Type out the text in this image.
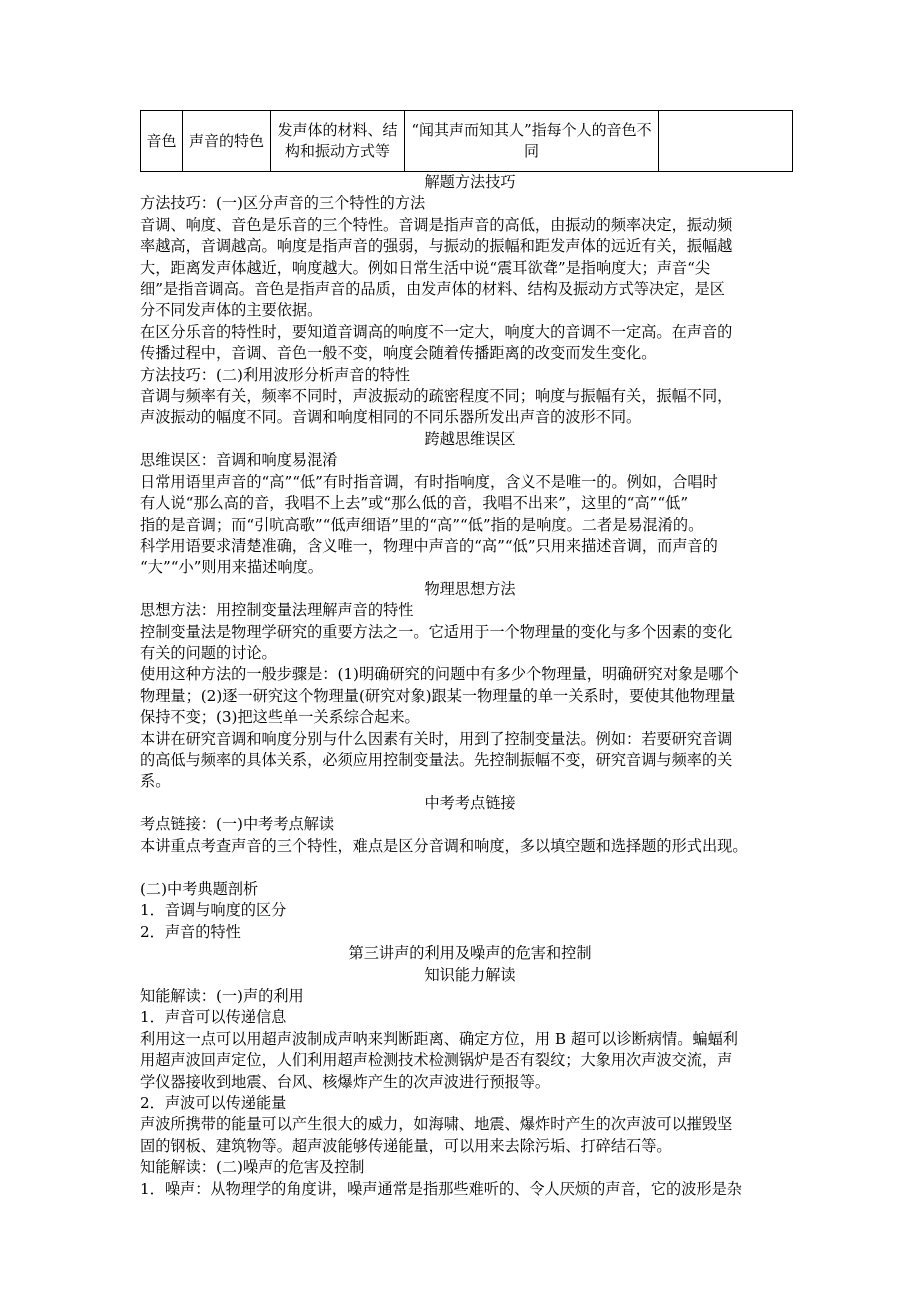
音色	声音的特色	发声体的材料、结构和振动方式等	“闻其声而知其人”指每个人的音色不同	

解题方法技巧

方法技巧：(一)区分声音的三个特性的方法

音调、响度、音色是乐音的三个特性。音调是指声音的高低，由振动的频率决定，振动频

率越高，音调越高。响度是指声音的强弱，与振动的振幅和距发声体的远近有关，振幅越

大，距离发声体越近，响度越大。例如日常生活中说“震耳欲聋”是指响度大；声音“尖

细”是指音调高。音色是指声音的品质，由发声体的材料、结构及振动方式等决定，是区

分不同发声体的主要依据。

在区分乐音的特性时，要知道音调高的响度不一定大，响度大的音调不一定高。在声音的

传播过程中，音调、音色一般不变，响度会随着传播距离的改变而发生变化。

方法技巧：(二)利用波形分析声音的特性

音调与频率有关，频率不同时，声波振动的疏密程度不同；响度与振幅有关，振幅不同，

声波振动的幅度不同。音调和响度相同的不同乐器所发出声音的波形不同。

跨越思维误区

思维误区：音调和响度易混淆

日常用语里声音的“高”“低”有时指音调，有时指响度，含义不是唯一的。例如，合唱时

有人说“那么高的音，我唱不上去”或“那么低的音，我唱不出来”，这里的“高”“低”

指的是音调；而“引吭高歌”“低声细语”里的“高”“低”指的是响度。二者是易混淆的。

科学用语要求清楚准确，含义唯一，物理中声音的“高”“低”只用来描述音调，而声音的

“大”“小”则用来描述响度。

物理思想方法

思想方法：用控制变量法理解声音的特性

控制变量法是物理学研究的重要方法之一。它适用于一个物理量的变化与多个因素的变化

有关的问题的讨论。

使用这种方法的一般步骤是：(1)明确研究的问题中有多少个物理量，明确研究对象是哪个

物理量；(2)逐一研究这个物理量(研究对象)跟某一物理量的单一关系时，要使其他物理量

保持不变；(3)把这些单一关系综合起来。

本讲在研究音调和响度分别与什么因素有关时，用到了控制变量法。例如：若要研究音调

的高低与频率的具体关系，必须应用控制变量法。先控制振幅不变，研究音调与频率的关

系。

中考考点链接

考点链接：(一)中考考点解读

本讲重点考查声音的三个特性，难点是区分音调和响度，多以填空题和选择题的形式出现。

(二)中考典题剖析

1．音调与响度的区分

2．声音的特性

第三讲声的利用及噪声的危害和控制

知识能力解读

知能解读：(一)声的利用

1．声音可以传递信息

利用这一点可以用超声波制成声呐来判断距离、确定方位，用 B 超可以诊断病情。蝙蝠利

用超声波回声定位，人们利用超声检测技术检测锅炉是否有裂纹；大象用次声波交流，声

学仪器接收到地震、台风、核爆炸产生的次声波进行预报等。

2．声波可以传递能量

声波所携带的能量可以产生很大的威力，如海啸、地震、爆炸时产生的次声波可以摧毁坚

固的钢板、建筑物等。超声波能够传递能量，可以用来去除污垢、打碎结石等。

知能解读：(二)噪声的危害及控制

1．噪声：从物理学的角度讲，噪声通常是指那些难听的、令人厌烦的声音，它的波形是杂
